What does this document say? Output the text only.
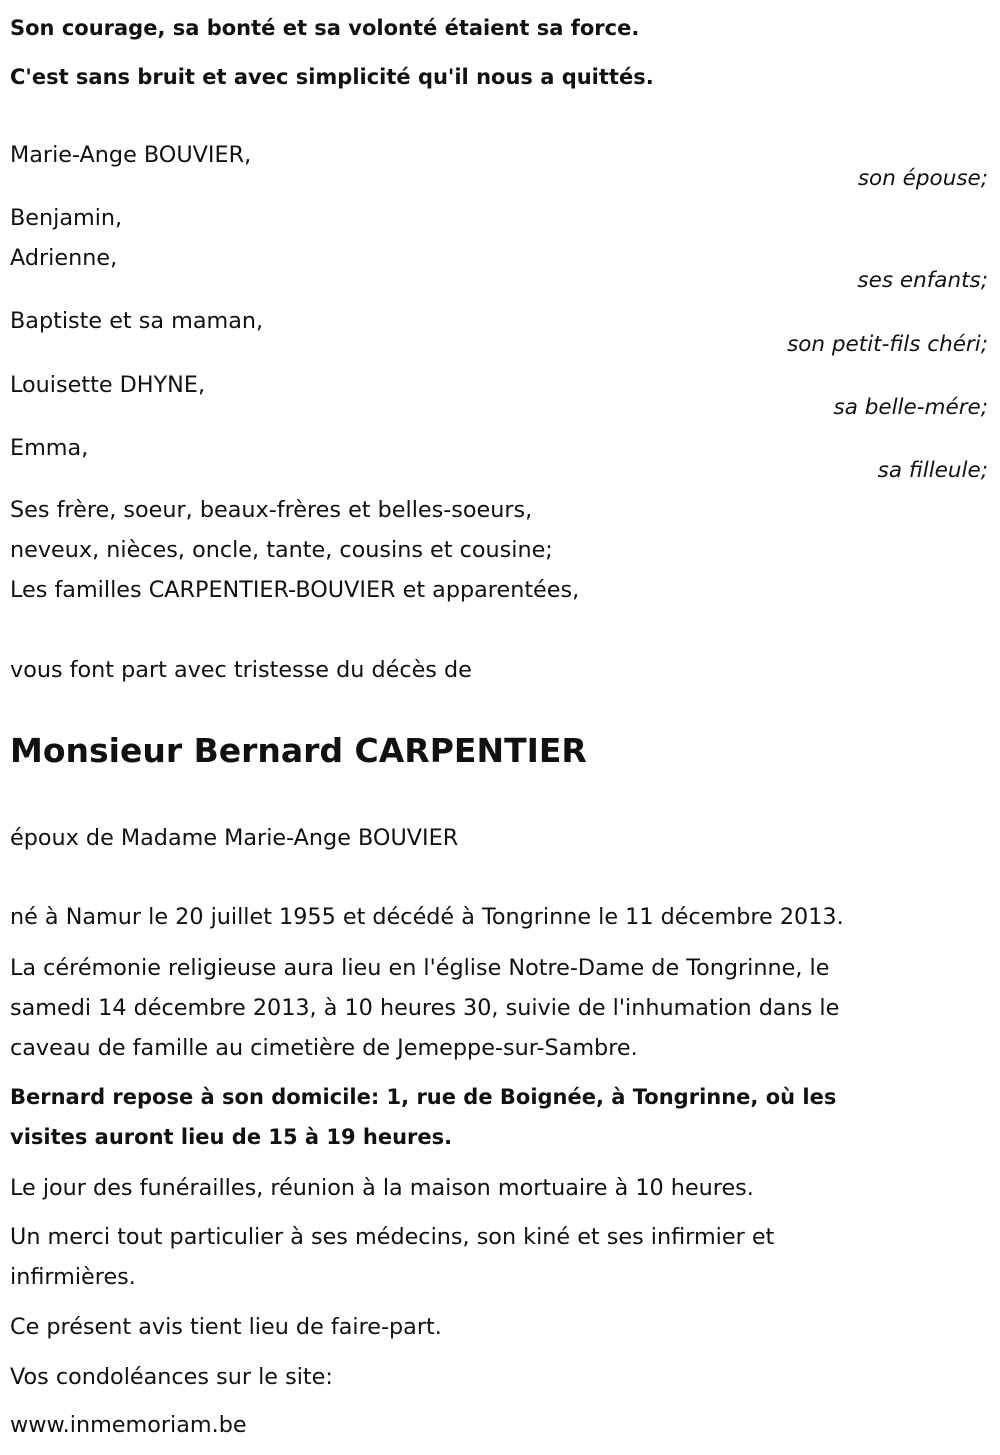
Son courage, sa bonté et sa volonté étaient sa force.
C'est sans bruit et avec simplicité qu'il nous a quittés.
Marie-Ange BOUVIER,
son épouse;
Benjamin,
Adrienne,
ses enfants;
Baptiste et sa maman,
son petit-fils chéri;
Louisette DHYNE,
sa belle-mére;
Emma,
sa filleule;
Ses frère, soeur, beaux-frères et belles-soeurs,
neveux, nièces, oncle, tante, cousins et cousine;
Les familles CARPENTIER-BOUVIER et apparentées,
vous font part avec tristesse du décès de
Monsieur Bernard CARPENTIER
époux de Madame Marie-Ange BOUVIER
né à Namur le 20 juillet 1955 et décédé à Tongrinne le 11 décembre 2013.
La cérémonie religieuse aura lieu en l'église Notre-Dame de Tongrinne, le
samedi 14 décembre 2013, à 10 heures 30, suivie de l'inhumation dans le
caveau de famille au cimetière de Jemeppe-sur-Sambre.
Bernard repose à son domicile: 1, rue de Boignée, à Tongrinne, où les
visites auront lieu de 15 à 19 heures.
Le jour des funérailles, réunion à la maison mortuaire à 10 heures.
Un merci tout particulier à ses médecins, son kiné et ses infirmier et
infirmières.
Ce présent avis tient lieu de faire-part.
Vos condoléances sur le site:
www.inmemoriam.be
